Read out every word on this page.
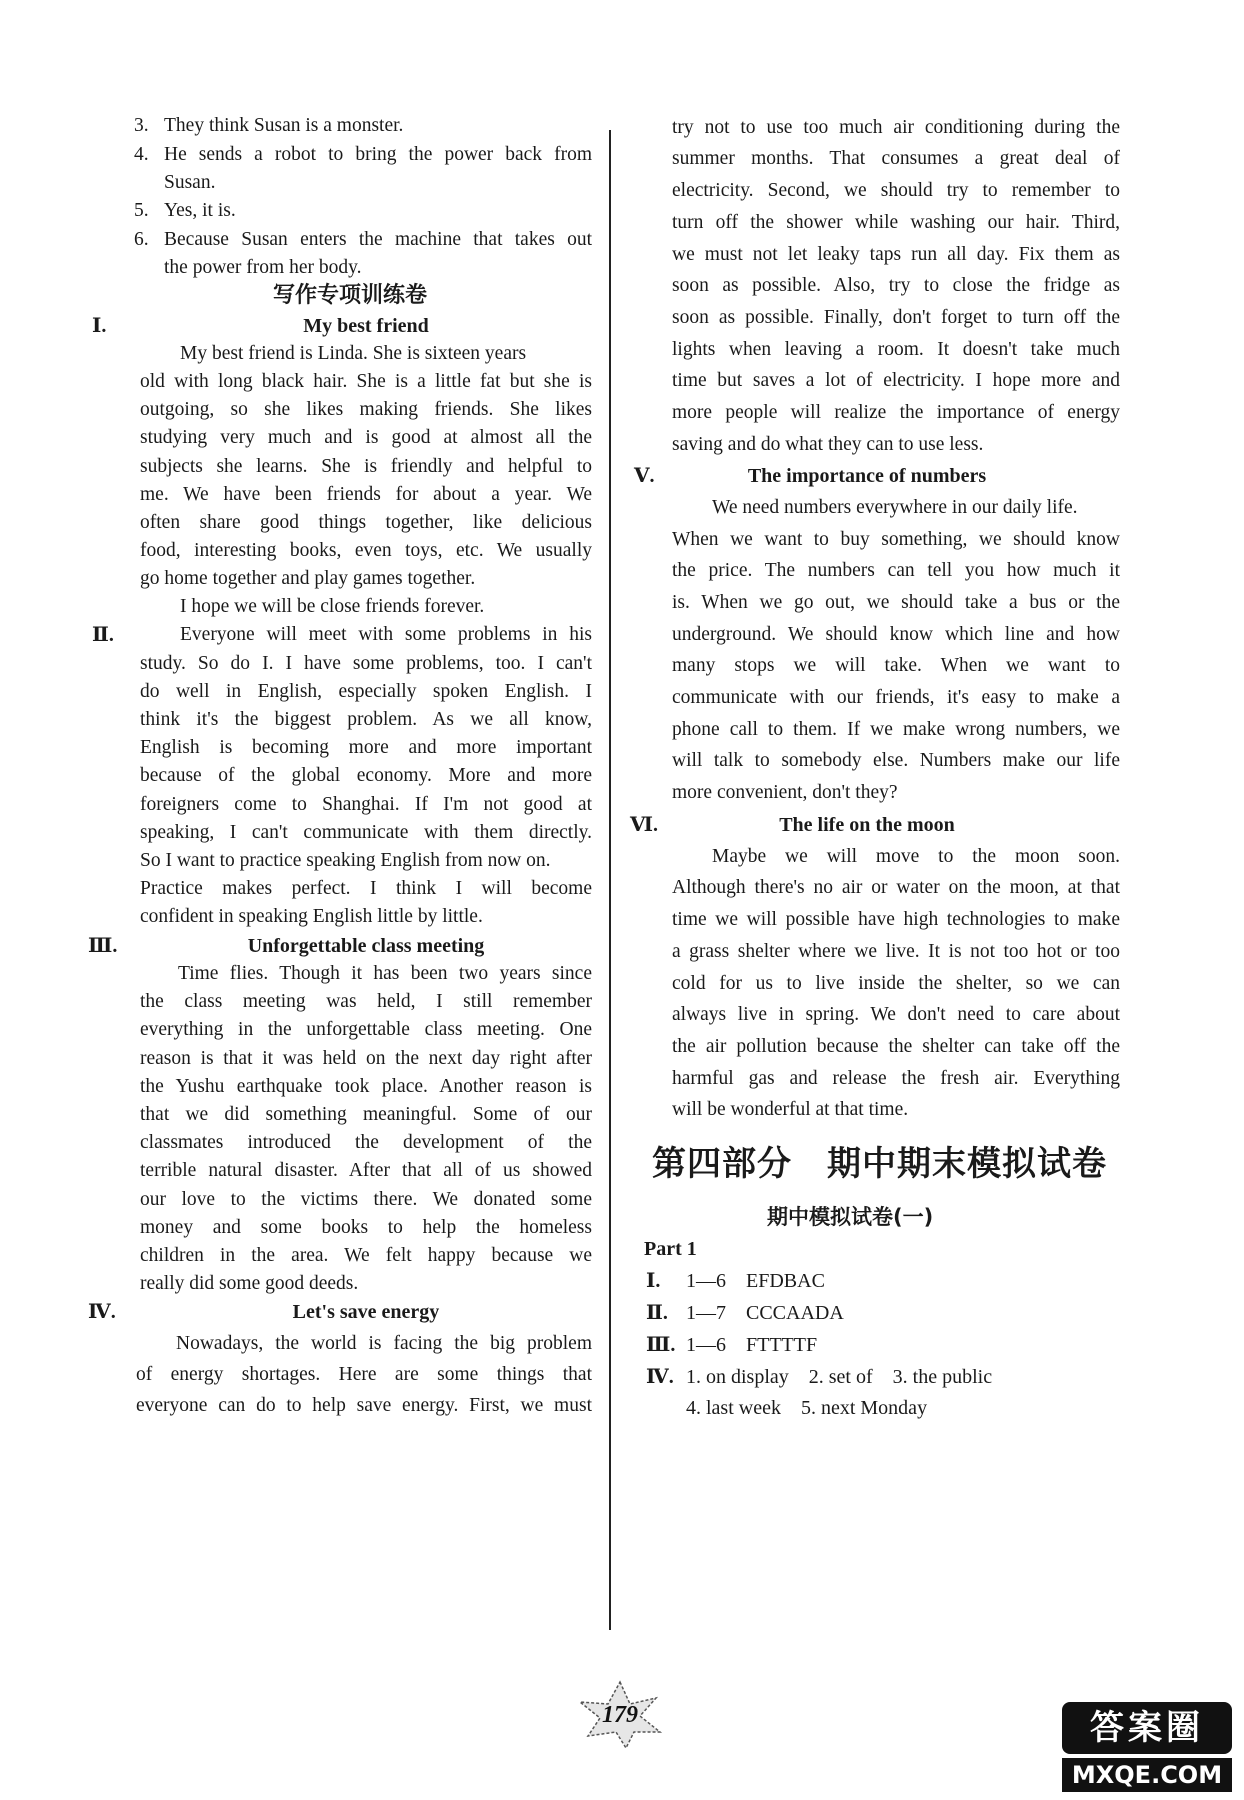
3. They think Susan is a monster.
4. He sends a robot to bring the power back from
Susan.
5. Yes, it is.
6. Because Susan enters the machine that takes out
the power from her body.
写作专项训练卷
Ⅰ.	My best friend
My best friend is Linda. She is sixteen years
old with long black hair. She is a little fat but she is
outgoing, so she likes making friends. She likes
studying very much and is good at almost all the
subjects she learns. She is friendly and helpful to
me. We have been friends for about a year. We
often share good things together, like delicious
food, interesting books, even toys, etc. We usually
go home together and play games together.
I hope we will be close friends forever.
Ⅱ.	Everyone will meet with some problems in his
study. So do I. I have some problems, too. I can't
do well in English, especially spoken English. I
think it's the biggest problem. As we all know,
English is becoming more and more important
because of the global economy. More and more
foreigners come to Shanghai. If I'm not good at
speaking, I can't communicate with them directly.
So I want to practice speaking English from now on.
Practice makes perfect. I think I will become
confident in speaking English little by little.
Ⅲ.	Unforgettable class meeting
Time flies. Though it has been two years since
the class meeting was held, I still remember
everything in the unforgettable class meeting. One
reason is that it was held on the next day right after
the Yushu earthquake took place. Another reason is
that we did something meaningful. Some of our
classmates introduced the development of the
terrible natural disaster. After that all of us showed
our love to the victims there. We donated some
money and some books to help the homeless
children in the area. We felt happy because we
really did some good deeds.
Ⅳ.	Let's save energy
Nowadays, the world is facing the big problem
of energy shortages. Here are some things that
everyone can do to help save energy. First, we must
try not to use too much air conditioning during the
summer months. That consumes a great deal of
electricity. Second, we should try to remember to
turn off the shower while washing our hair. Third,
we must not let leaky taps run all day. Fix them as
soon as possible. Also, try to close the fridge as
soon as possible. Finally, don't forget to turn off the
lights when leaving a room. It doesn't take much
time but saves a lot of electricity. I hope more and
more people will realize the importance of energy
saving and do what they can to use less.
Ⅴ.	The importance of numbers
We need numbers everywhere in our daily life.
When we want to buy something, we should know
the price. The numbers can tell you how much it
is. When we go out, we should take a bus or the
underground. We should know which line and how
many stops we will take. When we want to
communicate with our friends, it's easy to make a
phone call to them. If we make wrong numbers, we
will talk to somebody else. Numbers make our life
more convenient, don't they?
Ⅵ.	The life on the moon
Maybe we will move to the moon soon.
Although there's no air or water on the moon, at that
time we will possible have high technologies to make
a grass shelter where we live. It is not too hot or too
cold for us to live inside the shelter, so we can
always live in spring. We don't need to care about
the air pollution because the shelter can take off the
harmful gas and release the fresh air. Everything
will be wonderful at that time.
第四部分　期中期末模拟试卷
期中模拟试卷(一)
Part 1
Ⅰ. 1—6　EFDBAC
Ⅱ. 1—7　CCCAADA
Ⅲ. 1—6　FTTTTF
Ⅳ. 1. on display　2. set of　3. the public
4. last week　5. next Monday
179	答案圈
MXQE.COM
